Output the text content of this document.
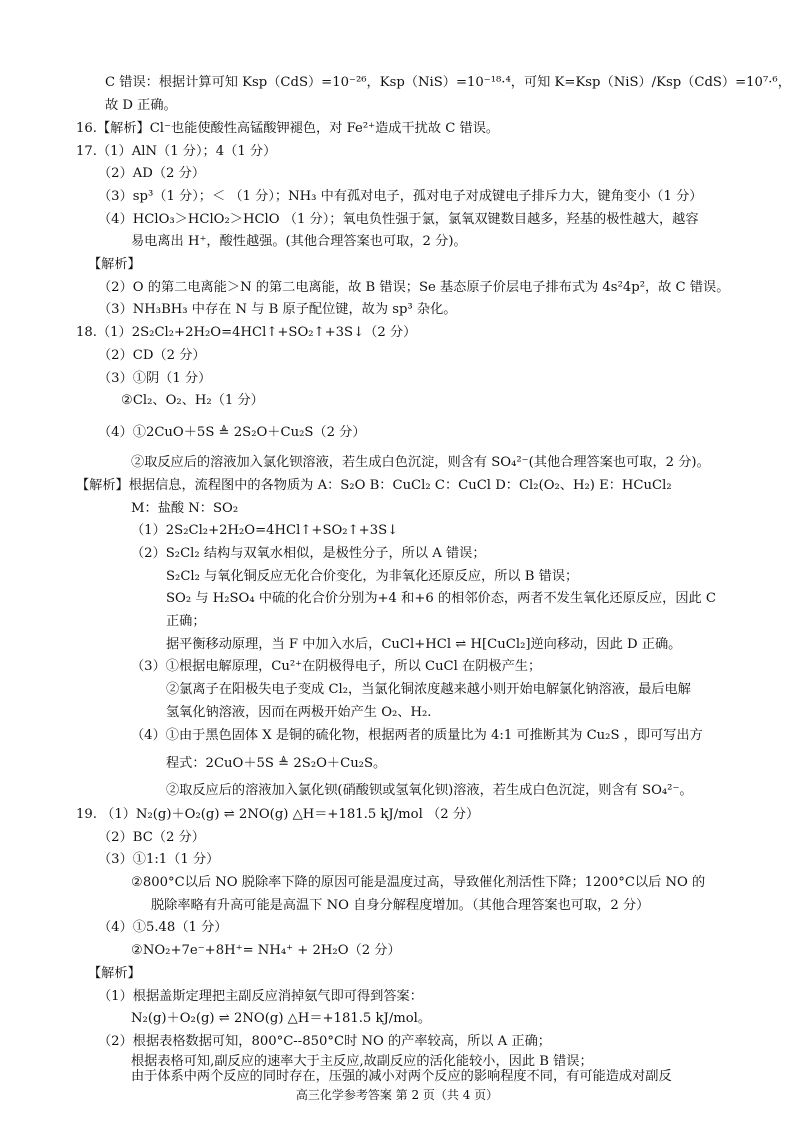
C 错误：根据计算可知 Ksp（CdS）=10⁻²⁶，Ksp（NiS）=10⁻¹⁸·⁴，可知 K=Ksp（NiS）/Ksp（CdS）=10⁷·⁶，
故 D 正确。
16.【解析】Cl⁻也能使酸性高锰酸钾褪色，对 Fe²⁺造成干扰故 C 错误。
17.（1）AlN（1 分）；4（1 分）
（2）AD（2 分）
（3）sp³（1 分）；＜ （1 分）；NH₃ 中有孤对电子，孤对电子对成键电子排斥力大，键角变小（1 分）
（4）HClO₃＞HClO₂＞HClO （1 分）；氧电负性强于氯，氯氧双键数目越多，羟基的极性越大，越容
易电离出 H⁺，酸性越强。(其他合理答案也可取，2 分)。
【解析】
（2）O 的第二电离能＞N 的第二电离能，故 B 错误；Se 基态原子价层电子排布式为 4s²4p²，故 C 错误。
（3）NH₃BH₃ 中存在 N 与 B 原子配位键，故为 sp³ 杂化。
18.（1）2S₂Cl₂+2H₂O=4HCl↑+SO₂↑+3S↓（2 分）
（2）CD（2 分）
（3）①阴（1 分）
②Cl₂、O₂、H₂（1 分）
（4）①2CuO＋5S ≜ 2S₂O＋Cu₂S（2 分）
②取反应后的溶液加入氯化钡溶液，若生成白色沉淀，则含有 SO₄²⁻(其他合理答案也可取，2 分)。
【解析】根据信息，流程图中的各物质为 A：S₂O B：CuCl₂ C：CuCl D：Cl₂(O₂、H₂) E：HCuCl₂
M：盐酸 N：SO₂
（1）2S₂Cl₂+2H₂O=4HCl↑+SO₂↑+3S↓
（2）S₂Cl₂ 结构与双氧水相似，是极性分子，所以 A 错误；
S₂Cl₂ 与氧化铜反应无化合价变化，为非氧化还原反应，所以 B 错误；
SO₂ 与 H₂SO₄ 中硫的化合价分别为+4 和+6 的相邻价态，两者不发生氧化还原反应，因此 C
正确；
据平衡移动原理，当 F 中加入水后，CuCl+HCl ⇌ H[CuCl₂]逆向移动，因此 D 正确。
（3）①根据电解原理，Cu²⁺在阴极得电子，所以 CuCl 在阴极产生；
②氯离子在阳极失电子变成 Cl₂，当氯化铜浓度越来越小则开始电解氯化钠溶液，最后电解
氢氧化钠溶液，因而在两极开始产生 O₂、H₂.
（4）①由于黑色固体 X 是铜的硫化物，根据两者的质量比为 4:1 可推断其为 Cu₂S ，即可写出方
程式：2CuO＋5S ≜ 2S₂O＋Cu₂S。
②取反应后的溶液加入氯化钡(硝酸钡或氢氧化钡)溶液，若生成白色沉淀，则含有 SO₄²⁻。
19. （1）N₂(g)＋O₂(g) ⇌ 2NO(g) △H＝+181.5 kJ/mol （2 分）
（2）BC（2 分）
（3）①1:1（1 分）
②800°C以后 NO 脱除率下降的原因可能是温度过高，导致催化剂活性下降；1200°C以后 NO 的
脱除率略有升高可能是高温下 NO 自身分解程度增加。（其他合理答案也可取，2 分）
（4）①5.48（1 分）
②NO₂+7e⁻+8H⁺= NH₄⁺ + 2H₂O（2 分）
【解析】
（1）根据盖斯定理把主副反应消掉氨气即可得到答案：
N₂(g)＋O₂(g) ⇌ 2NO(g) △H＝+181.5 kJ/mol。
（2）根据表格数据可知，800°C--850°C时 NO 的产率较高，所以 A 正确；
根据表格可知,副反应的速率大于主反应,故副反应的活化能较小，因此 B 错误；
由于体系中两个反应的同时存在，压强的减小对两个反应的影响程度不同，有可能造成对副反
高三化学参考答案 第 2 页（共 4 页）
